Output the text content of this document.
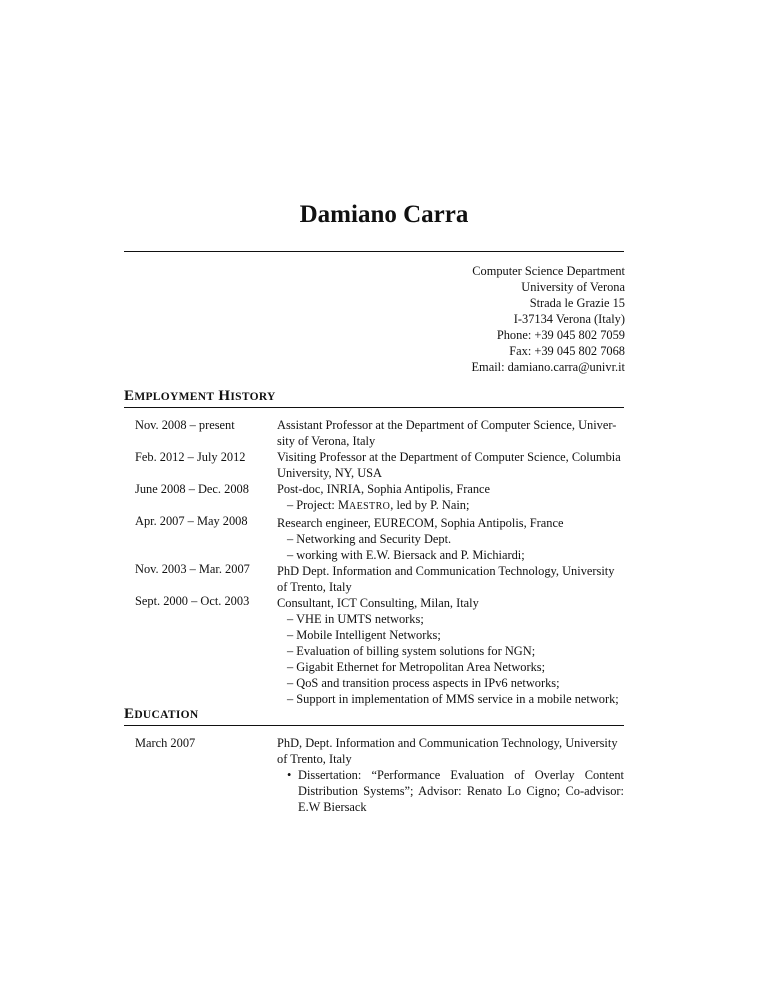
Damiano Carra
Computer Science Department
University of Verona
Strada le Grazie 15
I-37134 Verona (Italy)
Phone: +39 045 802 7059
Fax: +39 045 802 7068
Email: damiano.carra@univr.it
EMPLOYMENT HISTORY
Nov. 2008 – present
Feb. 2012 – July 2012
June 2008 – Dec. 2008
Apr. 2007 – May 2008
Nov. 2003 – Mar. 2007
Sept. 2000 – Oct. 2003
Assistant Professor at the Department of Computer Science, Univer-
sity of Verona, Italy
Visiting Professor at the Department of Computer Science, Columbia
University, NY, USA
Post-doc, INRIA, Sophia Antipolis, France
– Project: MAESTRO, led by P. Nain;
Research engineer, EURECOM, Sophia Antipolis, France
– Networking and Security Dept.
– working with E.W. Biersack and P. Michiardi;
PhD Dept. Information and Communication Technology, University
of Trento, Italy
Consultant, ICT Consulting, Milan, Italy
– VHE in UMTS networks;
– Mobile Intelligent Networks;
– Evaluation of billing system solutions for NGN;
– Gigabit Ethernet for Metropolitan Area Networks;
– QoS and transition process aspects in IPv6 networks;
– Support in implementation of MMS service in a mobile network;
EDUCATION
March 2007	PhD, Dept. Information and Communication Technology, University
of Trento, Italy
• Dissertation: “Performance Evaluation of Overlay Content Distribution Systems”; Advisor: Renato Lo Cigno; Co-advisor: E.W Biersack
